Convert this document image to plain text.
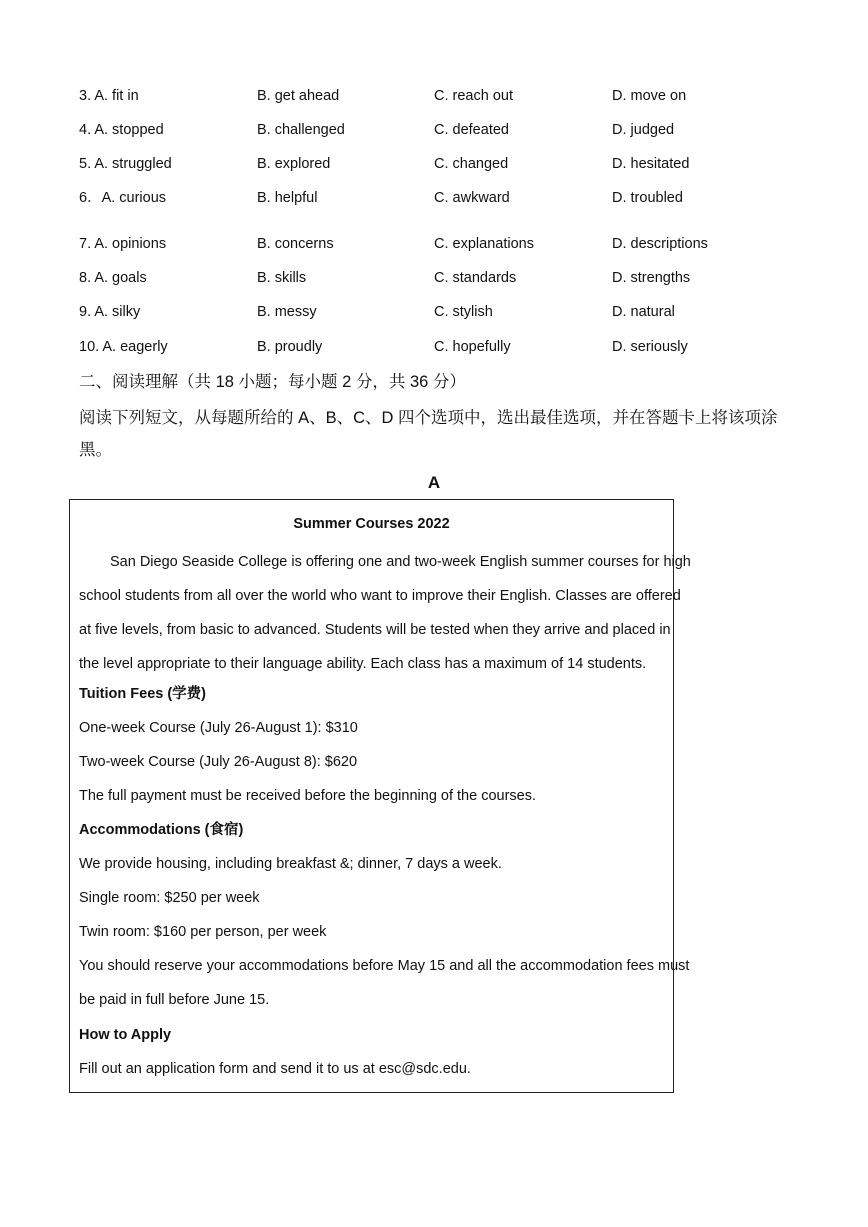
3. A. fit in	B. get ahead	C. reach out	D. move on
4. A. stopped	B. challenged	C. defeated	D. judged
5. A. struggled	B. explored	C. changed	D. hesitated
6．A. curious	B. helpful	C. awkward	D. troubled
7. A. opinions	B. concerns	C. explanations	D. descriptions
8. A. goals	B. skills	C. standards	D. strengths
9. A. silky	B. messy	C. stylish	D. natural
10. A. eagerly	B. proudly	C. hopefully	D. seriously
二、阅读理解（共 18 小题；每小题 2 分，共 36 分）
阅读下列短文，从每题所给的 A、B、C、D 四个选项中，选出最佳选项，并在答题卡上将该项涂黑。
A
Summer Courses 2022

San Diego Seaside College is offering one and two-week English summer courses for high

school students from all over the world who want to improve their English. Classes are offered

at five levels, from basic to advanced. Students will be tested when they arrive and placed in

the level appropriate to their language ability. Each class has a maximum of 14 students.

Tuition Fees (学费)
One-week Course (July 26-August 1): $310
Two-week Course (July 26-August 8): $620
The full payment must be received before the beginning of the courses.
Accommodations (食宿)
We provide housing, including breakfast &; dinner, 7 days a week.
Single room: $250 per week
Twin room: $160 per person, per week
You should reserve your accommodations before May 15 and all the accommodation fees must
be paid in full before June 15.
How to Apply
Fill out an application form and send it to us at esc@sdc.edu.
